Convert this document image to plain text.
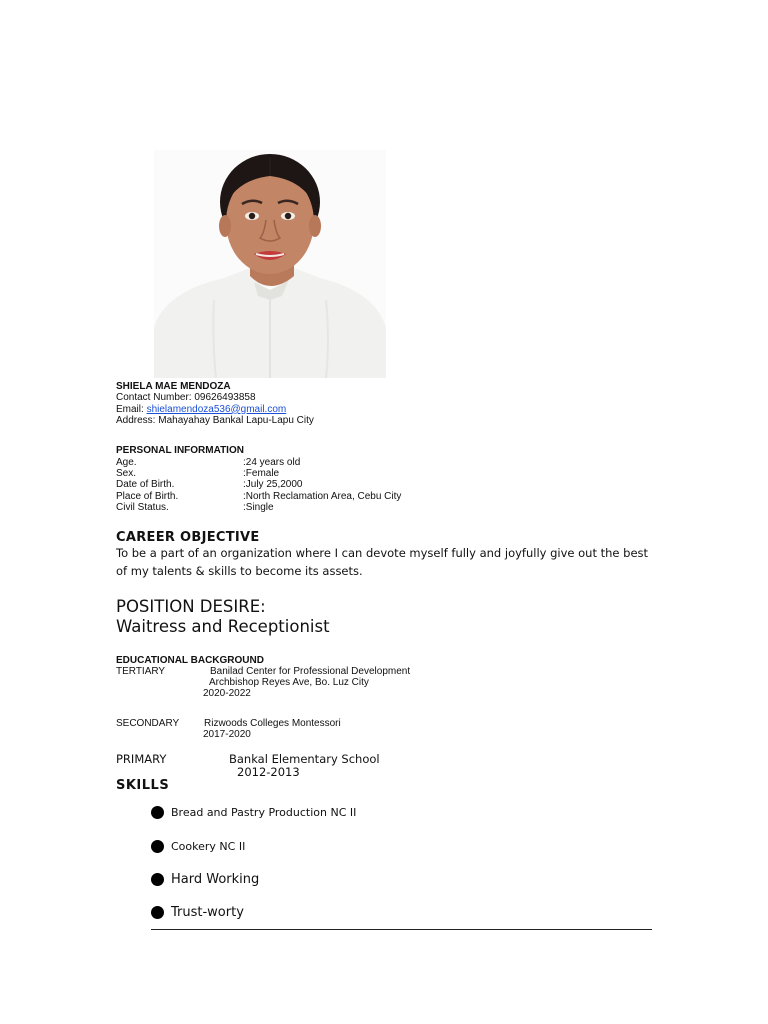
SHIELA MAE MENDOZA
Contact Number: 09626493858
Email: shielamendoza536@gmail.com
Address: Mahayahay Bankal Lapu-Lapu City
PERSONAL INFORMATION
Age.	:24 years old
Sex.	:Female
Date of Birth.	:July 25,2000
Place of Birth.	:North Reclamation Area, Cebu City
Civil Status.	:Single
CAREER OBJECTIVE
To be a part of an organization where I can devote myself fully and joyfully give out the best of my talents & skills to become its assets.
POSITION DESIRE:
Waitress and Receptionist
EDUCATIONAL BACKGROUND
TERTIARY	Banilad Center for Professional Development
Archbishop Reyes Ave, Bo. Luz City
2020-2022
SECONDARY Rizwoods Colleges Montessori
2017-2020
PRIMARY	Bankal Elementary School
2012-2013
SKILLS
Bread and Pastry Production NC II
Cookery NC II
Hard Working
Trust-worty
